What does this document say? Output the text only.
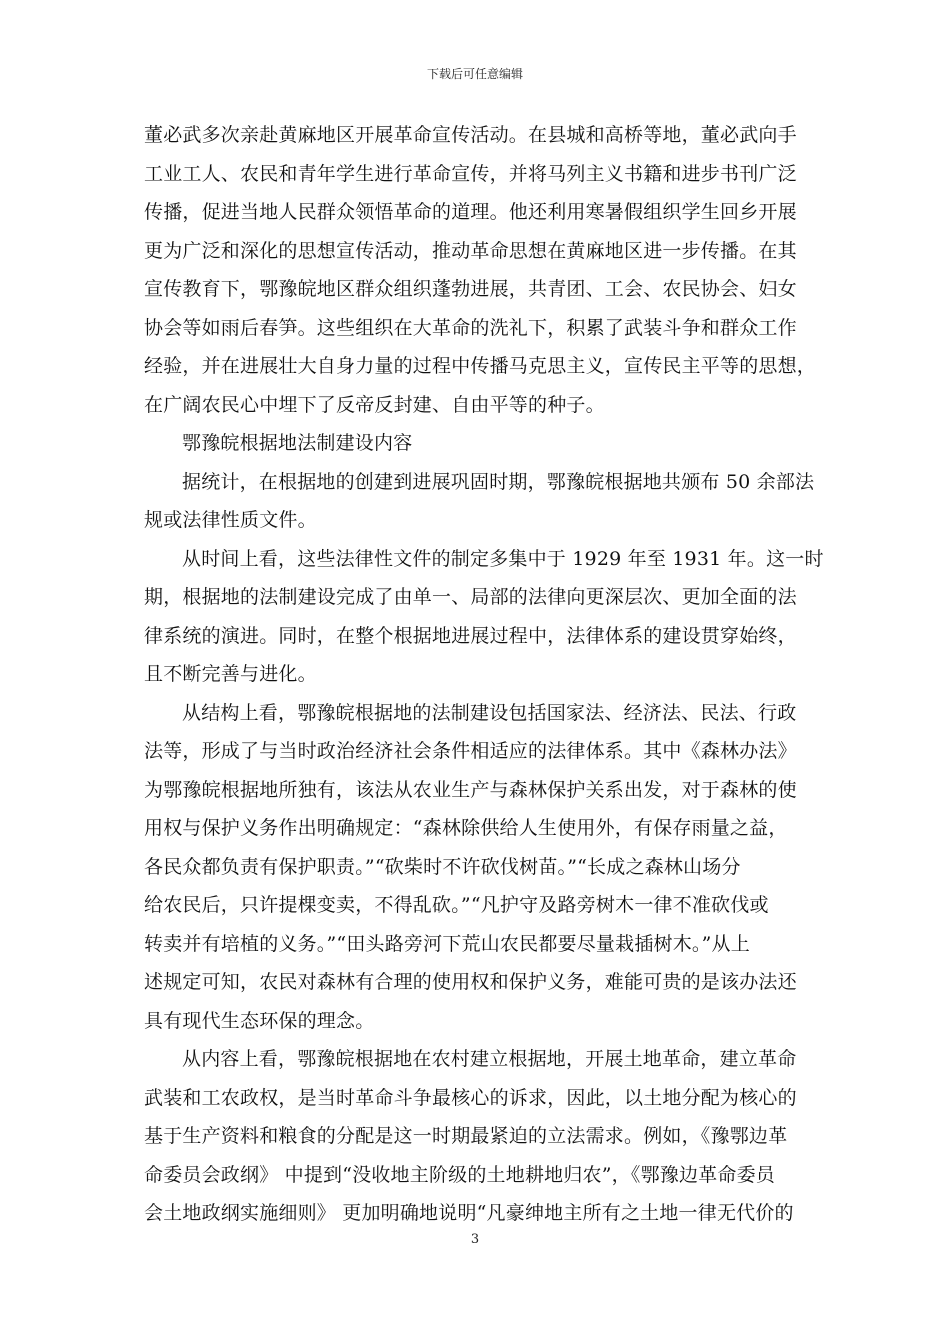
下载后可任意编辑
董必武多次亲赴黄麻地区开展革命宣传活动。在县城和高桥等地，董必武向手
工业工人、农民和青年学生进行革命宣传，并将马列主义书籍和进步书刊广泛
传播，促进当地人民群众领悟革命的道理。他还利用寒暑假组织学生回乡开展
更为广泛和深化的思想宣传活动，推动革命思想在黄麻地区进一步传播。在其
宣传教育下，鄂豫皖地区群众组织蓬勃进展，共青团、工会、农民协会、妇女
协会等如雨后春笋。这些组织在大革命的洗礼下，积累了武装斗争和群众工作
经验，并在进展壮大自身力量的过程中传播马克思主义，宣传民主平等的思想，
在广阔农民心中埋下了反帝反封建、自由平等的种子。
鄂豫皖根据地法制建设内容
据统计，在根据地的创建到进展巩固时期，鄂豫皖根据地共颁布 50 余部法
规或法律性质文件。
从时间上看，这些法律性文件的制定多集中于 1929 年至 1931 年。这一时
期，根据地的法制建设完成了由单一、局部的法律向更深层次、更加全面的法
律系统的演进。同时，在整个根据地进展过程中，法律体系的建设贯穿始终，
且不断完善与进化。
从结构上看，鄂豫皖根据地的法制建设包括国家法、经济法、民法、行政
法等，形成了与当时政治经济社会条件相适应的法律体系。其中《森林办法》
为鄂豫皖根据地所独有，该法从农业生产与森林保护关系出发，对于森林的使
用权与保护义务作出明确规定：“森林除供给人生使用外，有保存雨量之益，
各民众都负责有保护职责。”“砍柴时不许砍伐树苗。”“长成之森林山场分
给农民后，只许提棵变卖，不得乱砍。”“凡护守及路旁树木一律不准砍伐或
转卖并有培植的义务。”“田头路旁河下荒山农民都要尽量栽插树木。”从上
述规定可知，农民对森林有合理的使用权和保护义务，难能可贵的是该办法还
具有现代生态环保的理念。
从内容上看，鄂豫皖根据地在农村建立根据地，开展土地革命，建立革命
武装和工农政权，是当时革命斗争最核心的诉求，因此，以土地分配为核心的
基于生产资料和粮食的分配是这一时期最紧迫的立法需求。例如，《豫鄂边革
命委员会政纲》 中提到“没收地主阶级的土地耕地归农”，《鄂豫边革命委员
会土地政纲实施细则》 更加明确地说明“凡豪绅地主所有之土地一律无代价的
3
